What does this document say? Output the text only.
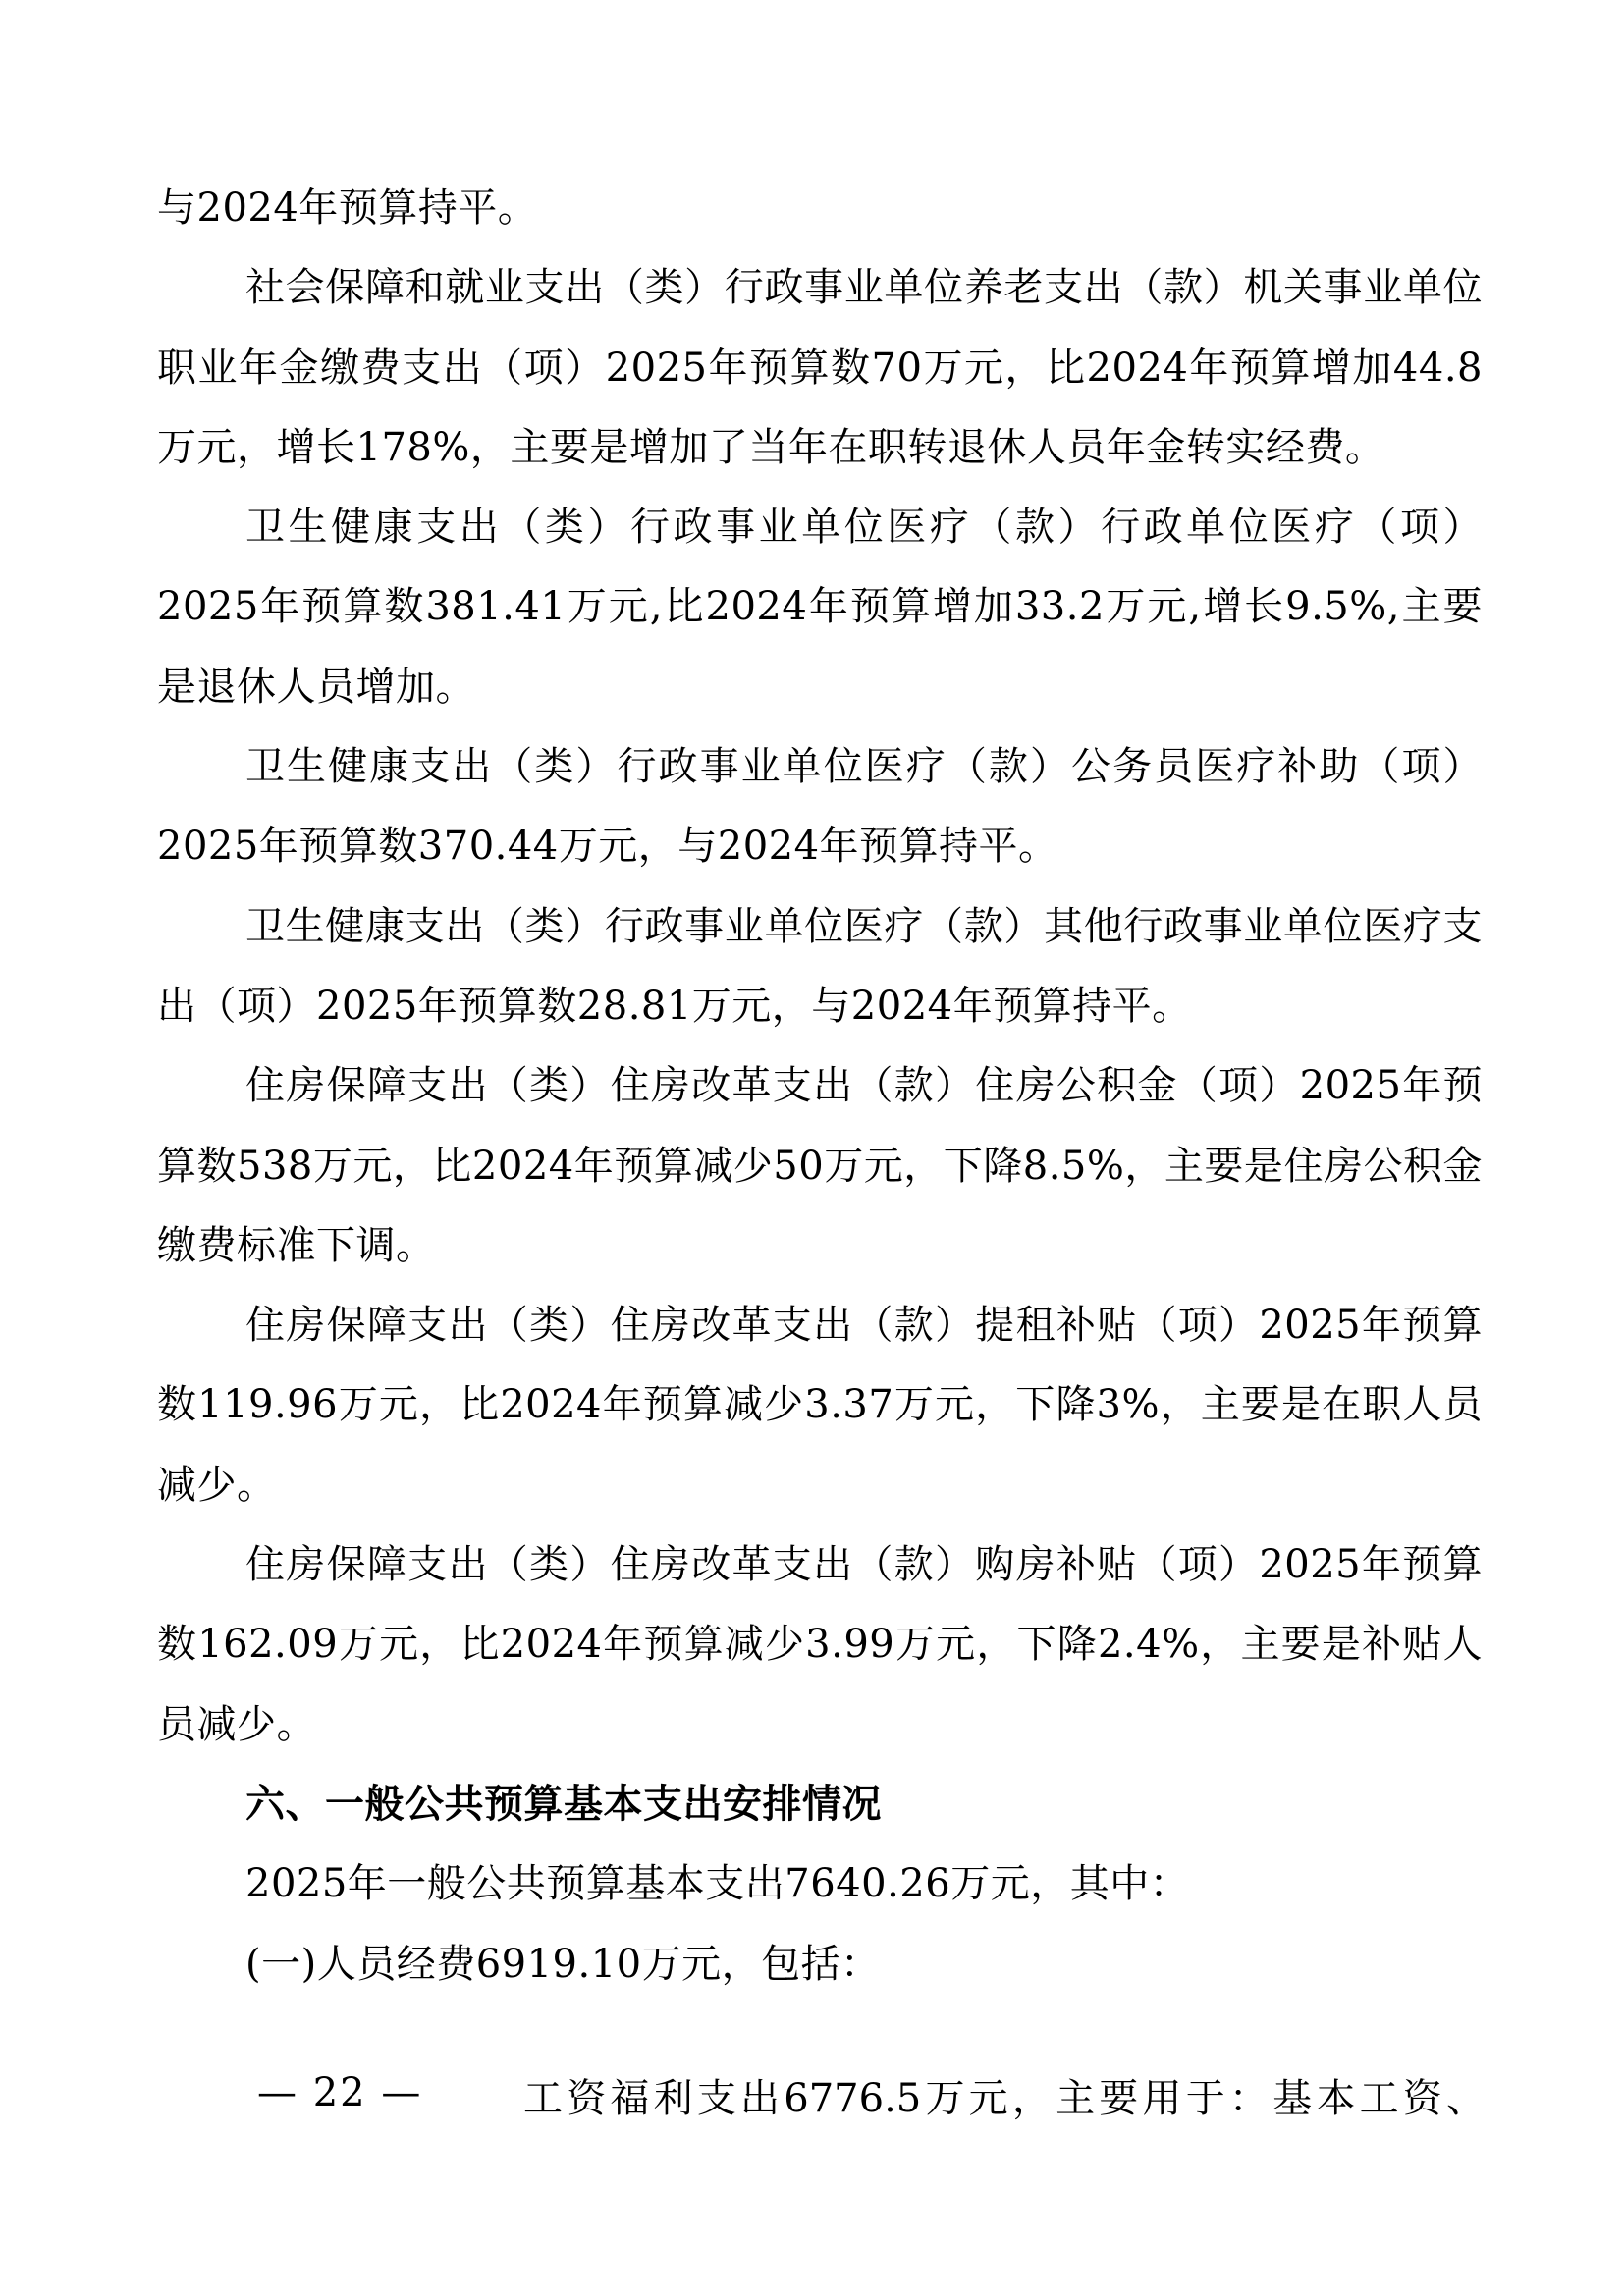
与2024年预算持平。

社会保障和就业支出（类）行政事业单位养老支出（款）机关事业单位职业年金缴费支出（项）2025年预算数70万元，比2024年预算增加44.8万元，增长178%，主要是增加了当年在职转退休人员年金转实经费。

卫生健康支出（类）行政事业单位医疗（款）行政单位医疗（项）2025年预算数381.41万元,比2024年预算增加33.2万元,增长9.5%,主要是退休人员增加。

卫生健康支出（类）行政事业单位医疗（款）公务员医疗补助（项）2025年预算数370.44万元，与2024年预算持平。

卫生健康支出（类）行政事业单位医疗（款）其他行政事业单位医疗支出（项）2025年预算数28.81万元，与2024年预算持平。

住房保障支出（类）住房改革支出（款）住房公积金（项）2025年预算数538万元，比2024年预算减少50万元，下降8.5%，主要是住房公积金缴费标准下调。

住房保障支出（类）住房改革支出（款）提租补贴（项）2025年预算数119.96万元，比2024年预算减少3.37万元，下降3%，主要是在职人员减少。

住房保障支出（类）住房改革支出（款）购房补贴（项）2025年预算数162.09万元，比2024年预算减少3.99万元，下降2.4%，主要是补贴人员减少。

六、一般公共预算基本支出安排情况

2025年一般公共预算基本支出7640.26万元，其中：

(一)人员经费6919.10万元，包括：

— 22 —	工资福利支出6776.5万元，主要用于：基本工资、
